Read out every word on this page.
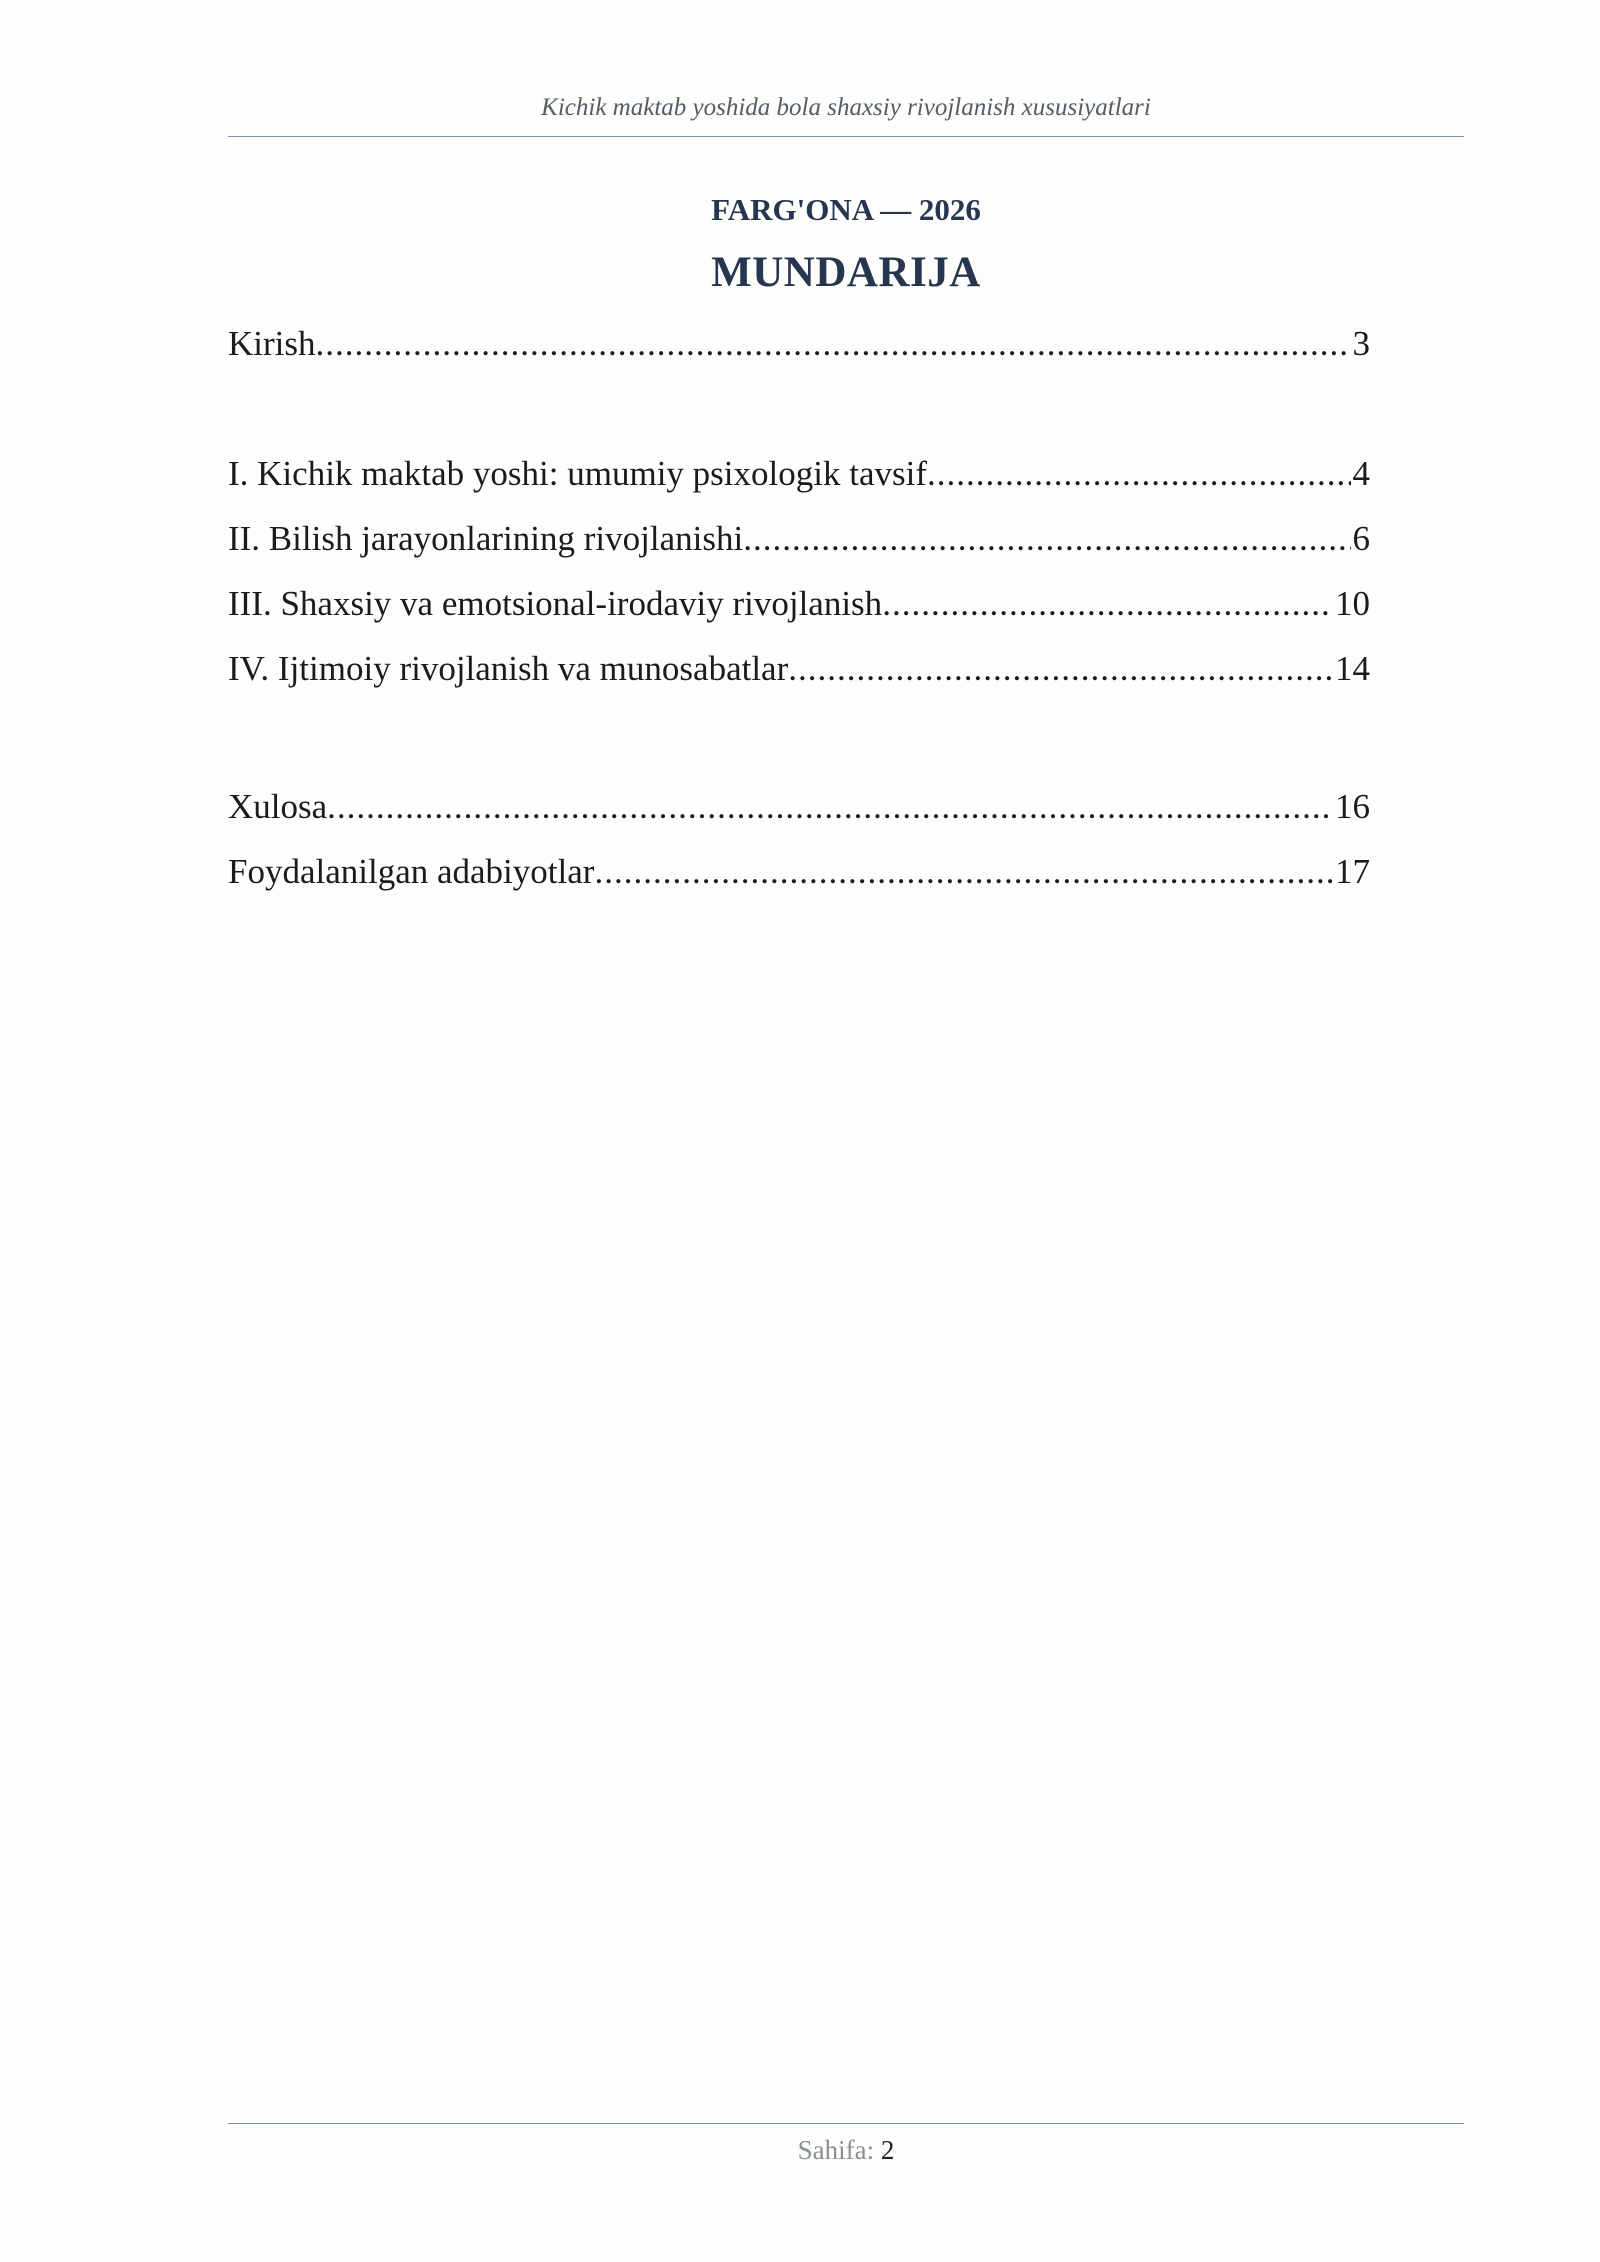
Kichik maktab yoshida bola shaxsiy rivojlanish xususiyatlari
FARG'ONA — 2026
MUNDARIJA
Kirish .....	3
I. Kichik maktab yoshi: umumiy psixologik tavsif .....	4
II. Bilish jarayonlarining rivojlanishi .....	6
III. Shaxsiy va emotsional-irodaviy rivojlanish .....	10
IV. Ijtimoiy rivojlanish va munosabatlar .....	14
Xulosa .....	16
Foydalanilgan adabiyotlar .....	17
Sahifa: 2
